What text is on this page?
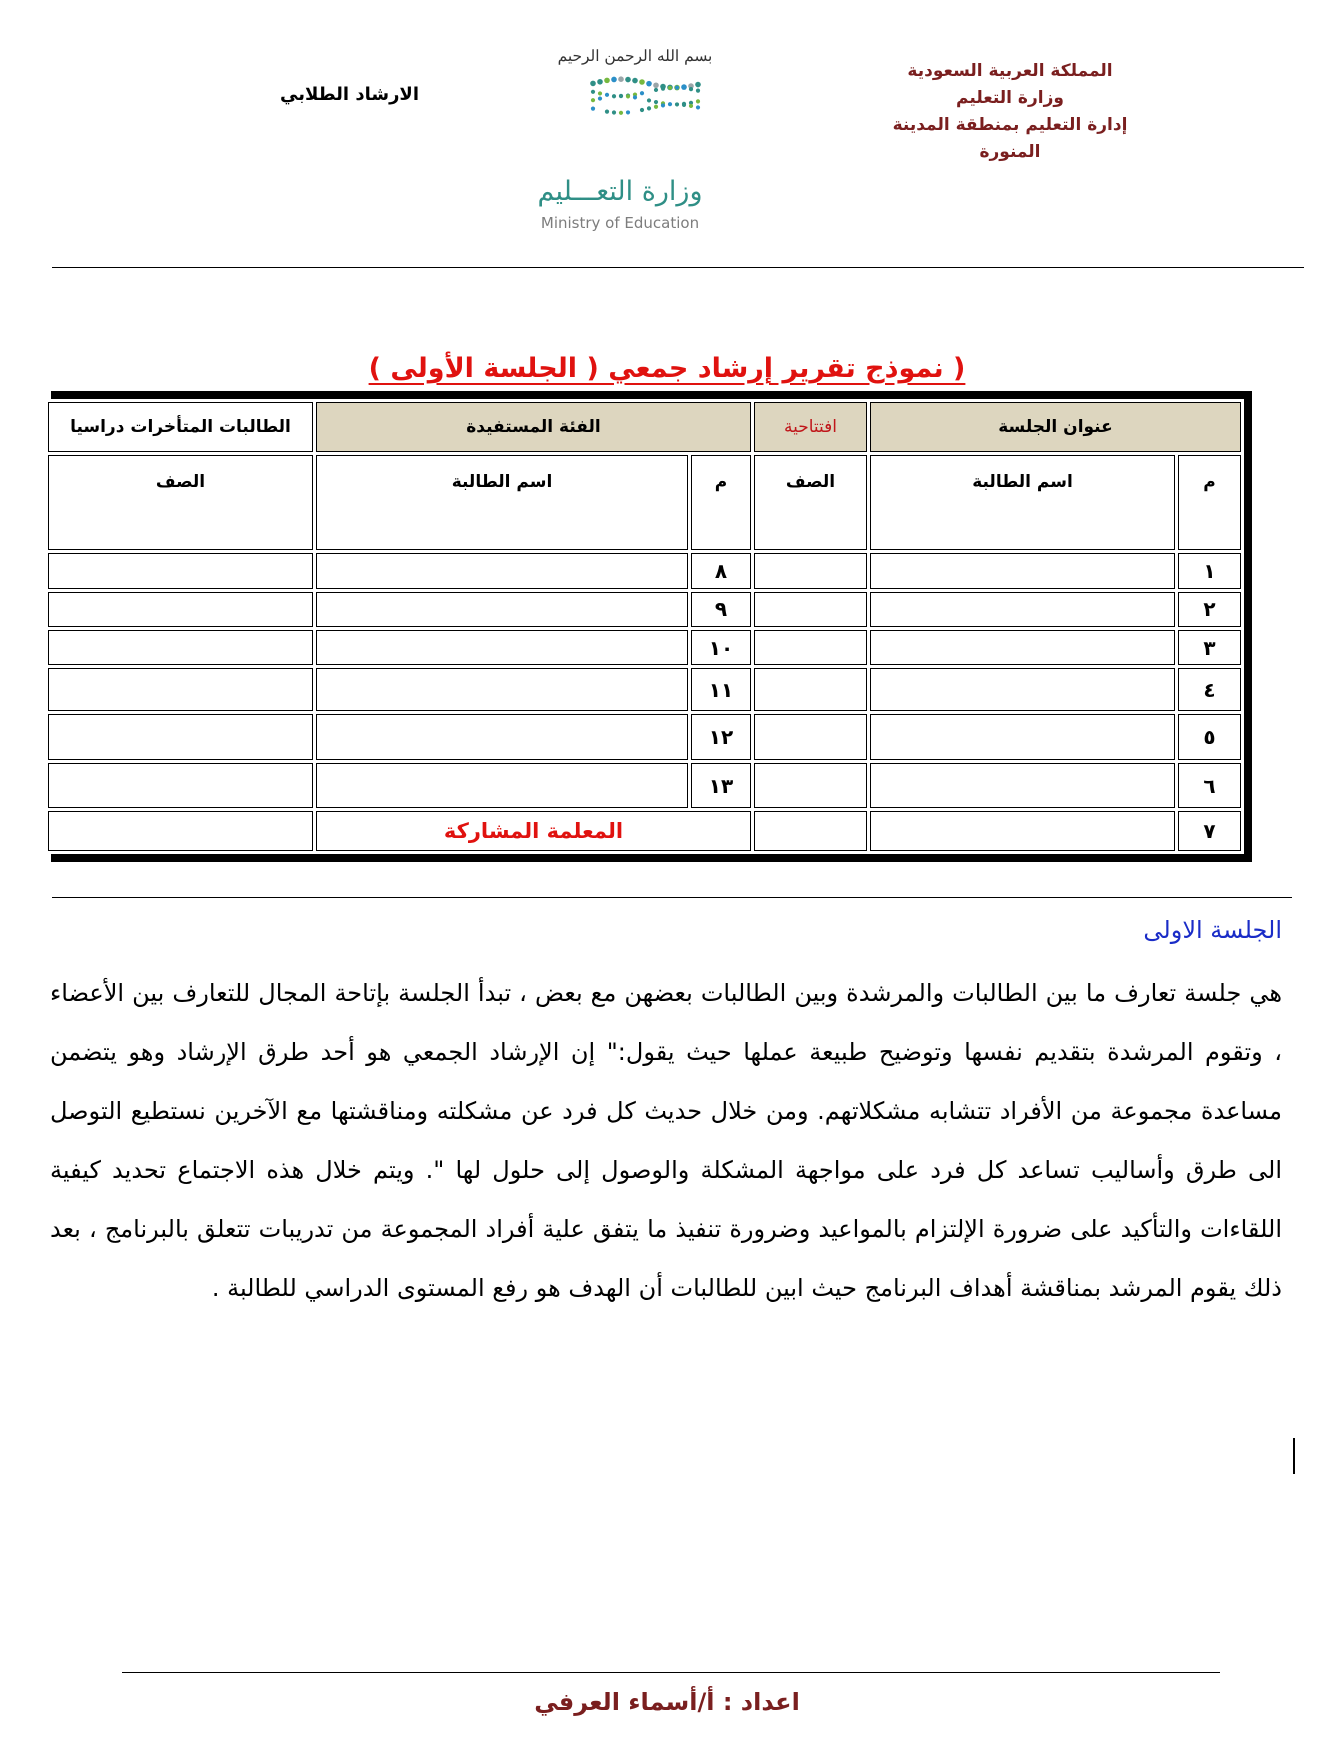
المملكة العربية السعودية
وزارة التعليم
إدارة التعليم بمنطقة المدينة المنورة
الارشاد الطلابي
بسم الله الرحمن الرحيم
وزارة التعـــليم
Ministry of Education
( نموذج تقرير إرشاد جمعي ( الجلسة الأولى )
عنوان الجلسة		افتتاحية	الفئة المستفيدة		الطالبات المتأخرات دراسيا
م	اسم الطالبة	الصف	م	اسم الطالبة	الصف
١			٨		
٢			٩		
٣			١٠		
٤			١١		
٥			١٢		
٦			١٣		
٧			المعلمة المشاركة		
الجلسة الاولى
هي جلسة تعارف ما بين الطالبات والمرشدة وبين الطالبات بعضهن مع بعض ، تبدأ الجلسة بإتاحة المجال للتعارف بين الأعضاء ، وتقوم المرشدة بتقديم نفسها وتوضيح طبيعة عملها حيث يقول:" إن الإرشاد الجمعي هو أحد طرق الإرشاد وهو يتضمن مساعدة مجموعة من الأفراد تتشابه مشكلاتهم. ومن خلال حديث كل فرد عن مشكلته ومناقشتها مع الآخرين نستطيع التوصل الى طرق وأساليب تساعد كل فرد على مواجهة المشكلة والوصول إلى حلول لها ". ويتم خلال هذه الاجتماع تحديد كيفية اللقاءات والتأكيد على ضرورة الإلتزام بالمواعيد وضرورة تنفيذ ما يتفق علية أفراد المجموعة من تدريبات تتعلق بالبرنامج ، بعد ذلك يقوم المرشد بمناقشة أهداف البرنامج حيث ابين للطالبات أن الهدف هو رفع المستوى الدراسي للطالبة .
اعداد : أ/أسماء العرفي
